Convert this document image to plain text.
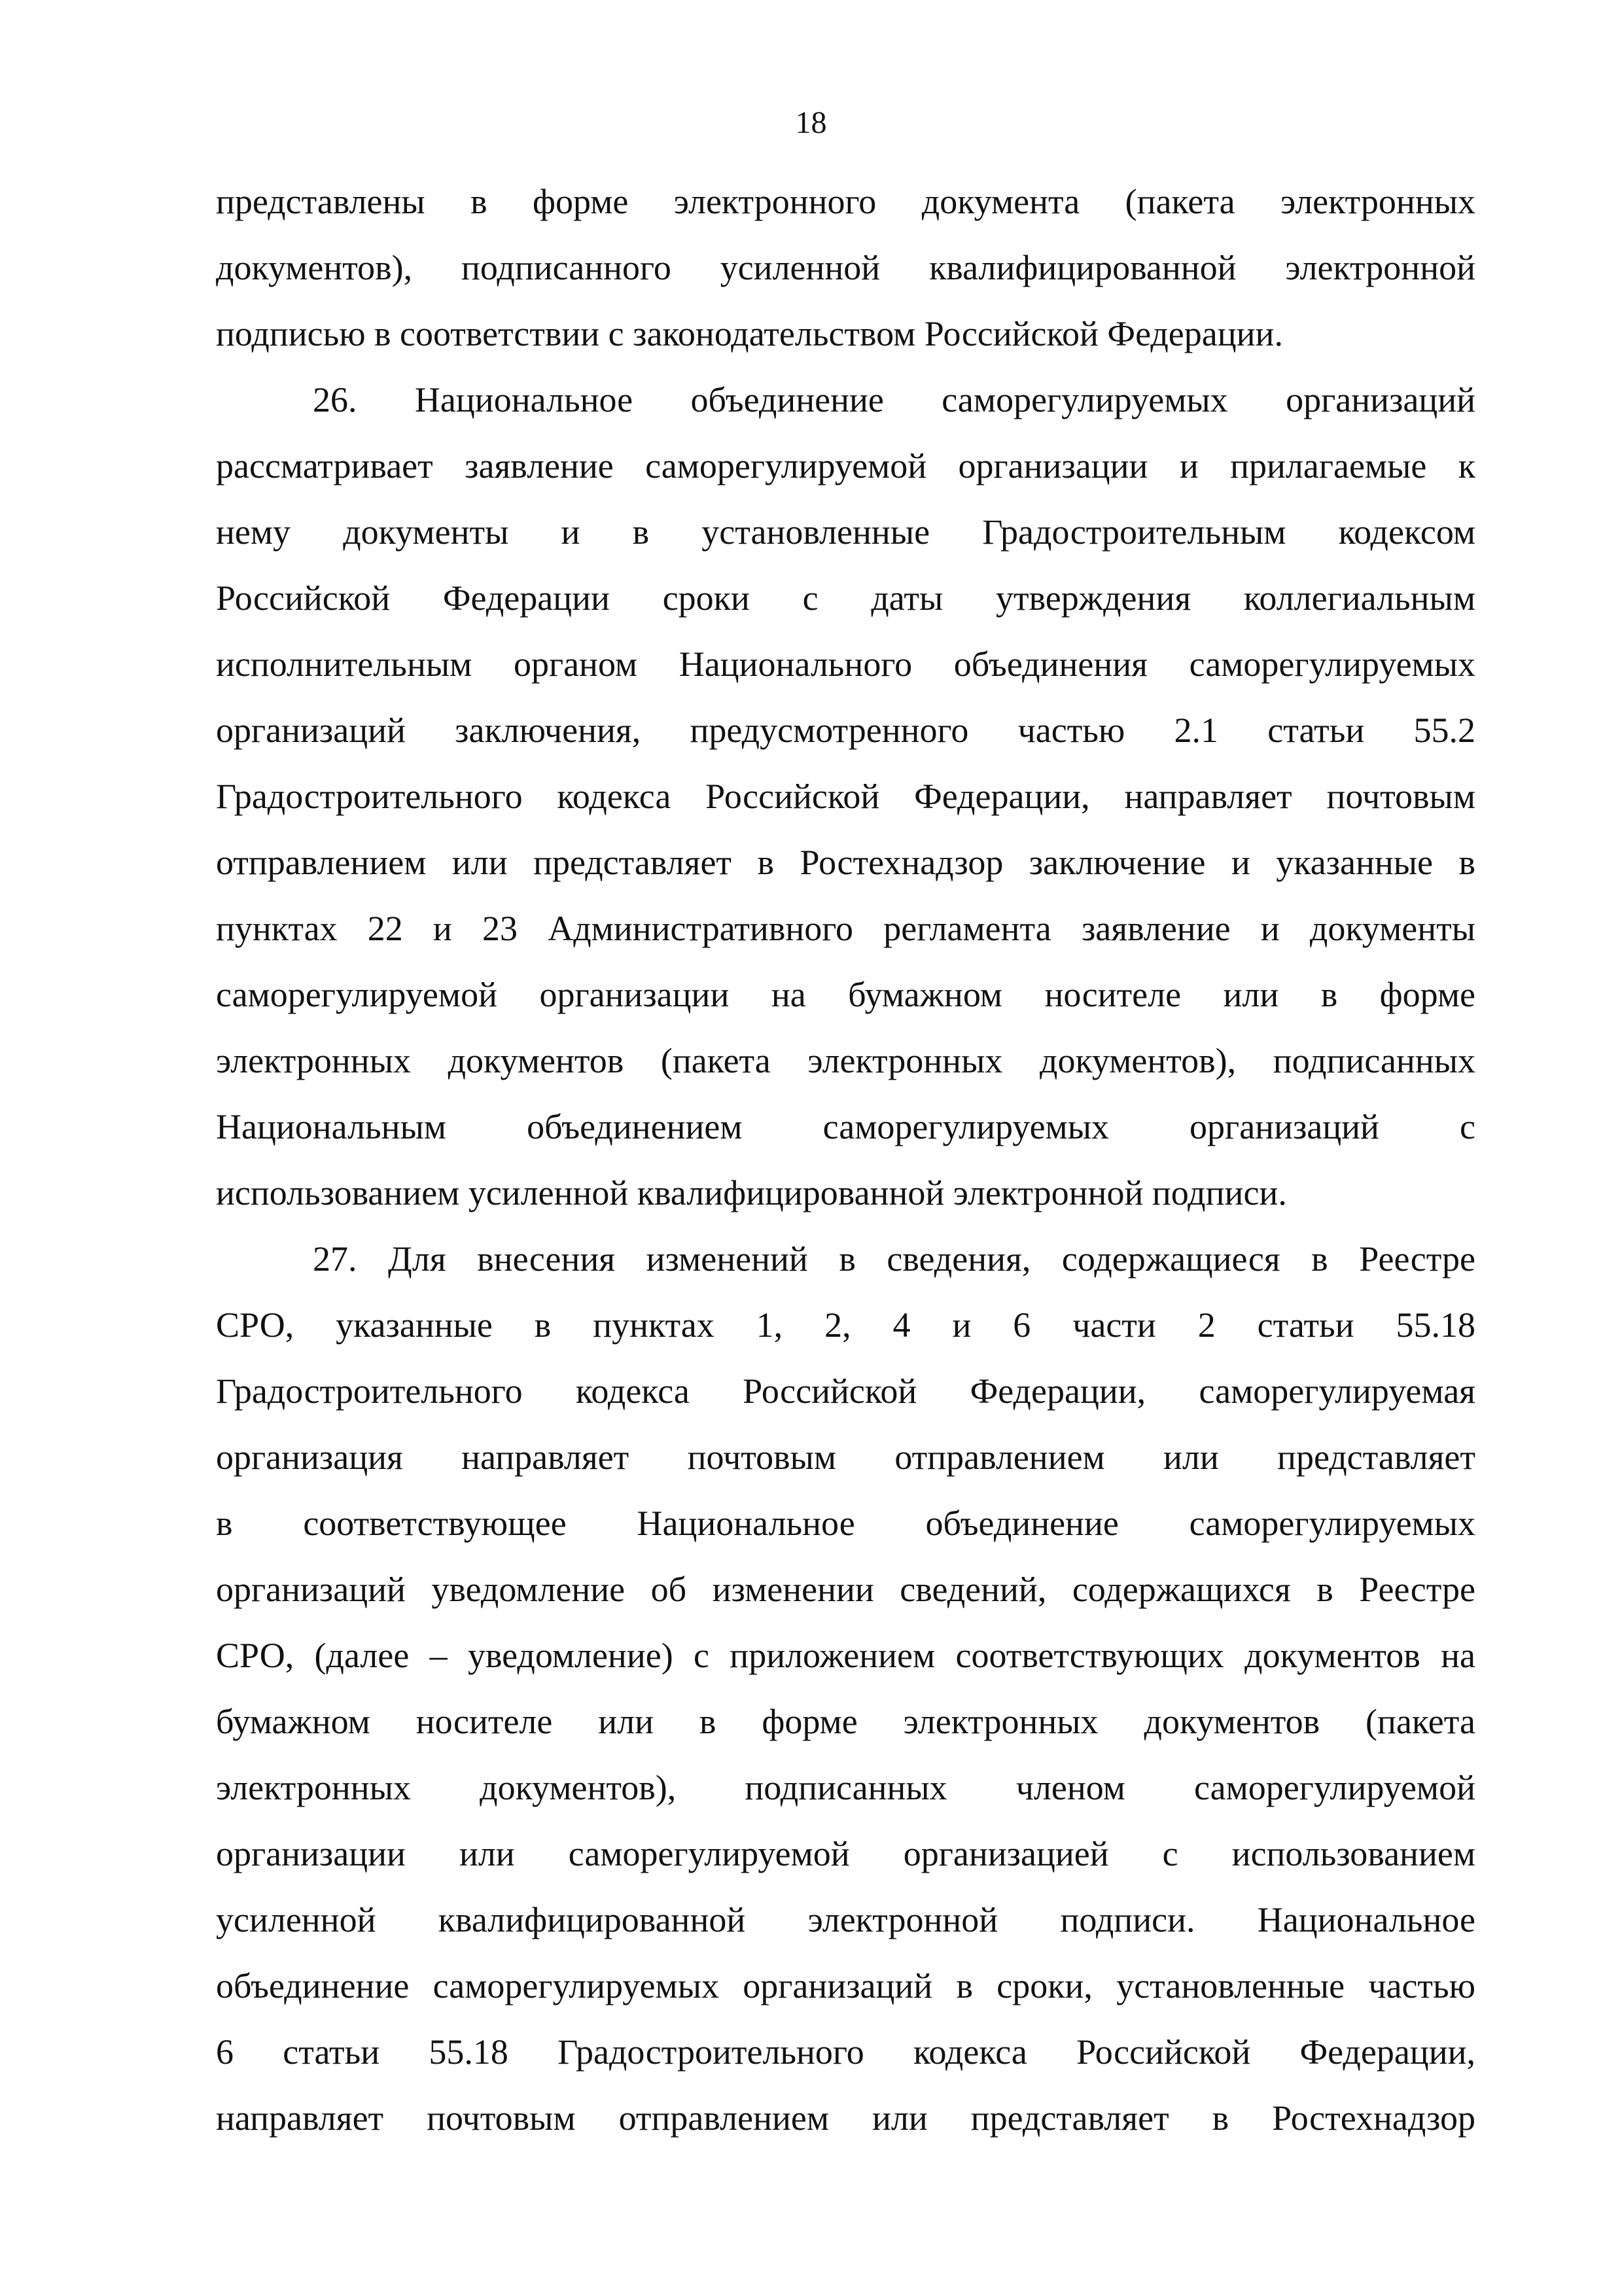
18
представлены в форме электронного документа (пакета электронных
документов), подписанного усиленной квалифицированной электронной
подписью в соответствии с законодательством Российской Федерации.
26. Национальное объединение саморегулируемых организаций
рассматривает заявление саморегулируемой организации и прилагаемые к
нему документы и в установленные Градостроительным кодексом
Российской Федерации сроки с даты утверждения коллегиальным
исполнительным органом Национального объединения саморегулируемых
организаций заключения, предусмотренного частью 2.1 статьи 55.2
Градостроительного кодекса Российской Федерации, направляет почтовым
отправлением или представляет в Ростехнадзор заключение и указанные в
пунктах 22 и 23 Административного регламента заявление и документы
саморегулируемой организации на бумажном носителе или в форме
электронных документов (пакета электронных документов), подписанных
Национальным объединением саморегулируемых организаций с
использованием усиленной квалифицированной электронной подписи.
27. Для внесения изменений в сведения, содержащиеся в Реестре
СРО, указанные в пунктах 1, 2, 4 и 6 части 2 статьи 55.18
Градостроительного кодекса Российской Федерации, саморегулируемая
организация направляет почтовым отправлением или представляет
в соответствующее Национальное объединение саморегулируемых
организаций уведомление об изменении сведений, содержащихся в Реестре
СРО, (далее – уведомление) с приложением соответствующих документов на
бумажном носителе или в форме электронных документов (пакета
электронных документов), подписанных членом саморегулируемой
организации или саморегулируемой организацией с использованием
усиленной квалифицированной электронной подписи. Национальное
объединение саморегулируемых организаций в сроки, установленные частью
6 статьи 55.18 Градостроительного кодекса Российской Федерации,
направляет почтовым отправлением или представляет в Ростехнадзор
